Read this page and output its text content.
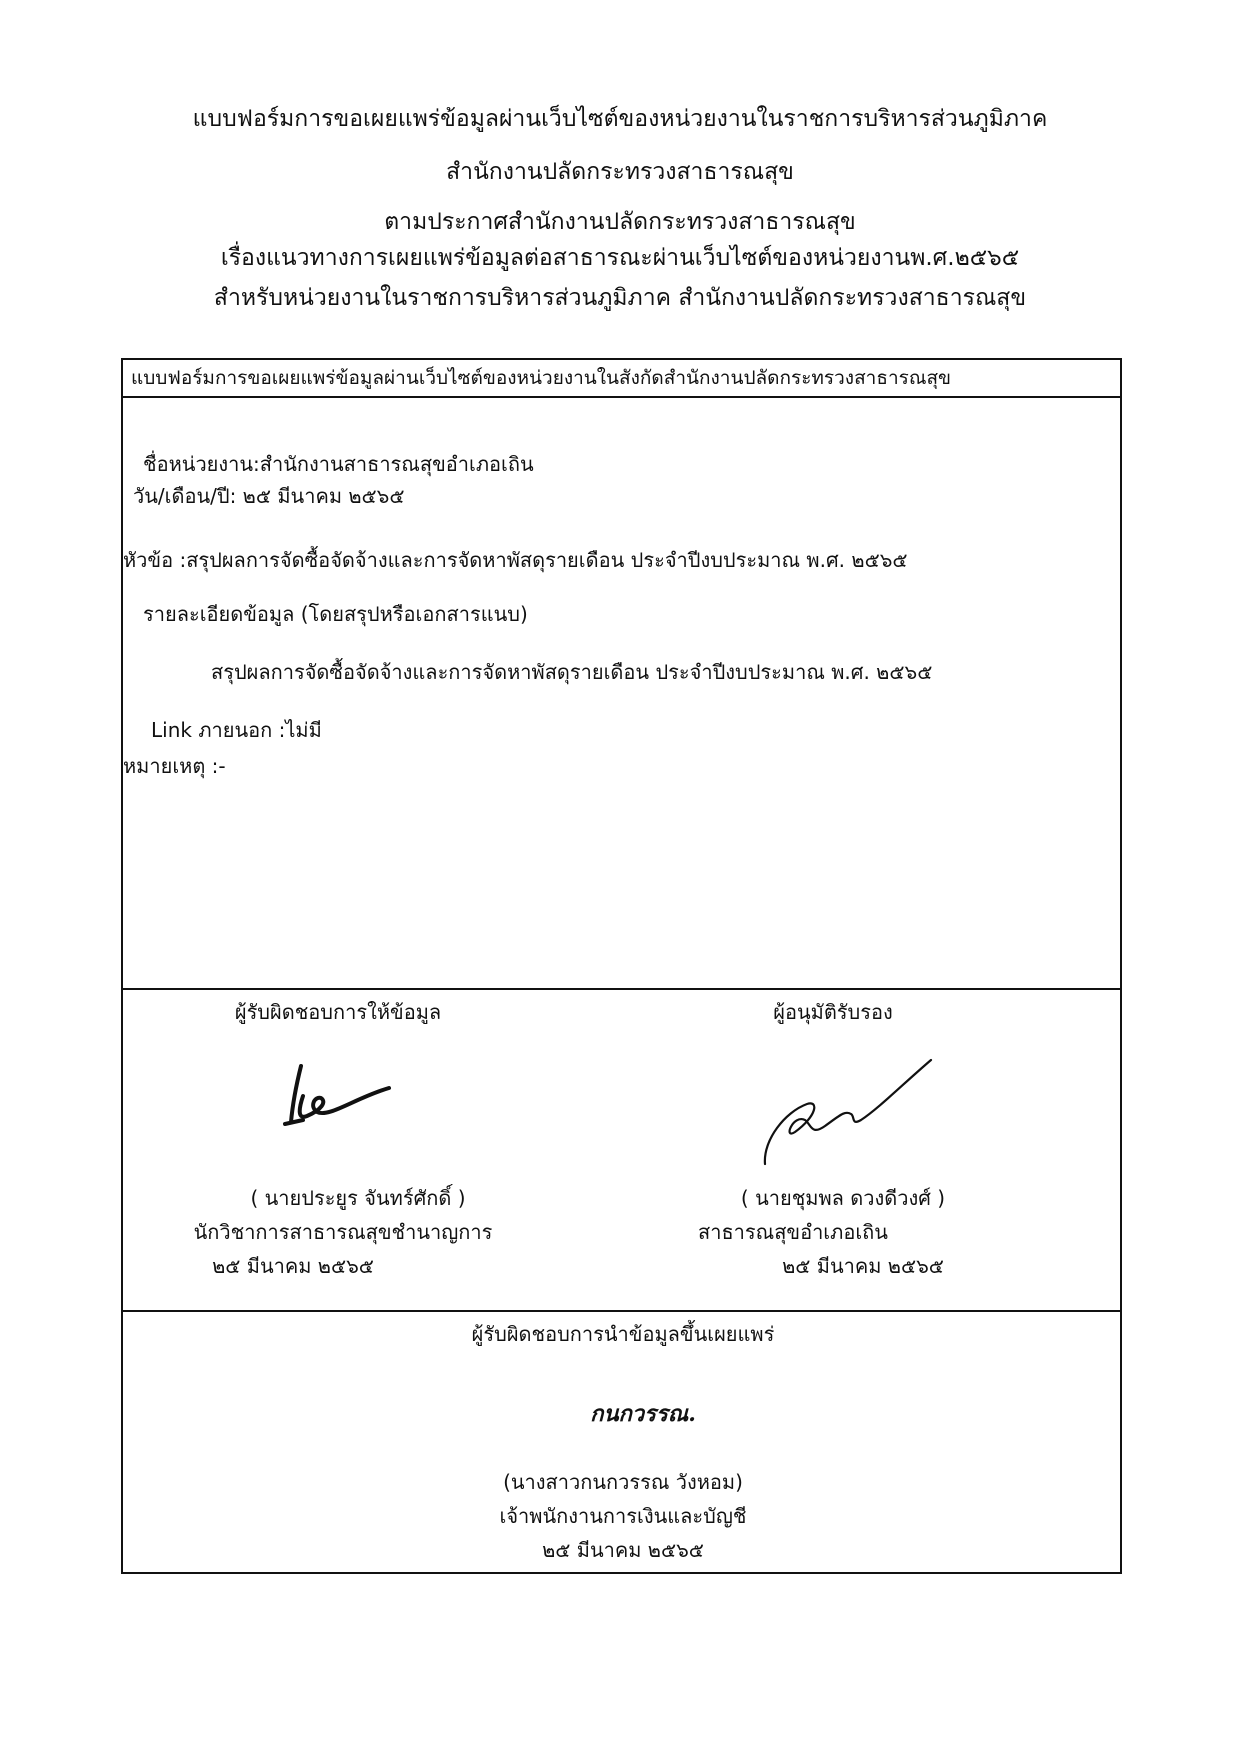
แบบฟอร์มการขอเผยแพร่ข้อมูลผ่านเว็บไซต์ของหน่วยงานในราชการบริหารส่วนภูมิภาค
สำนักงานปลัดกระทรวงสาธารณสุข
ตามประกาศสำนักงานปลัดกระทรวงสาธารณสุข
เรื่องแนวทางการเผยแพร่ข้อมูลต่อสาธารณะผ่านเว็บไซต์ของหน่วยงานพ.ศ.๒๕๖๕
สำหรับหน่วยงานในราชการบริหารส่วนภูมิภาค สำนักงานปลัดกระทรวงสาธารณสุข
แบบฟอร์มการขอเผยแพร่ข้อมูลผ่านเว็บไซต์ของหน่วยงานในสังกัดสำนักงานปลัดกระทรวงสาธารณสุข
ชื่อหน่วยงาน:สำนักงานสาธารณสุขอำเภอเถิน
วัน/เดือน/ปี: ๒๕ มีนาคม ๒๕๖๕
หัวข้อ :สรุปผลการจัดซื้อจัดจ้างและการจัดหาพัสดุรายเดือน ประจำปีงบประมาณ พ.ศ. ๒๕๖๕
รายละเอียดข้อมูล (โดยสรุปหรือเอกสารแนบ)
สรุปผลการจัดซื้อจัดจ้างและการจัดหาพัสดุรายเดือน ประจำปีงบประมาณ พ.ศ. ๒๕๖๕
Link ภายนอก :ไม่มี
หมายเหตุ :-
ผู้รับผิดชอบการให้ข้อมูล
( นายประยูร จันทร์ศักดิ์ )
นักวิชาการสาธารณสุขชำนาญการ
๒๕ มีนาคม ๒๕๖๕
ผู้อนุมัติรับรอง
( นายชุมพล ดวงดีวงศ์ )
สาธารณสุขอำเภอเถิน
๒๕ มีนาคม ๒๕๖๕
ผู้รับผิดชอบการนำข้อมูลขึ้นเผยแพร่
กนกวรรณ.
(นางสาวกนกวรรณ วังหอม)
เจ้าพนักงานการเงินและบัญชี
๒๕ มีนาคม ๒๕๖๕
